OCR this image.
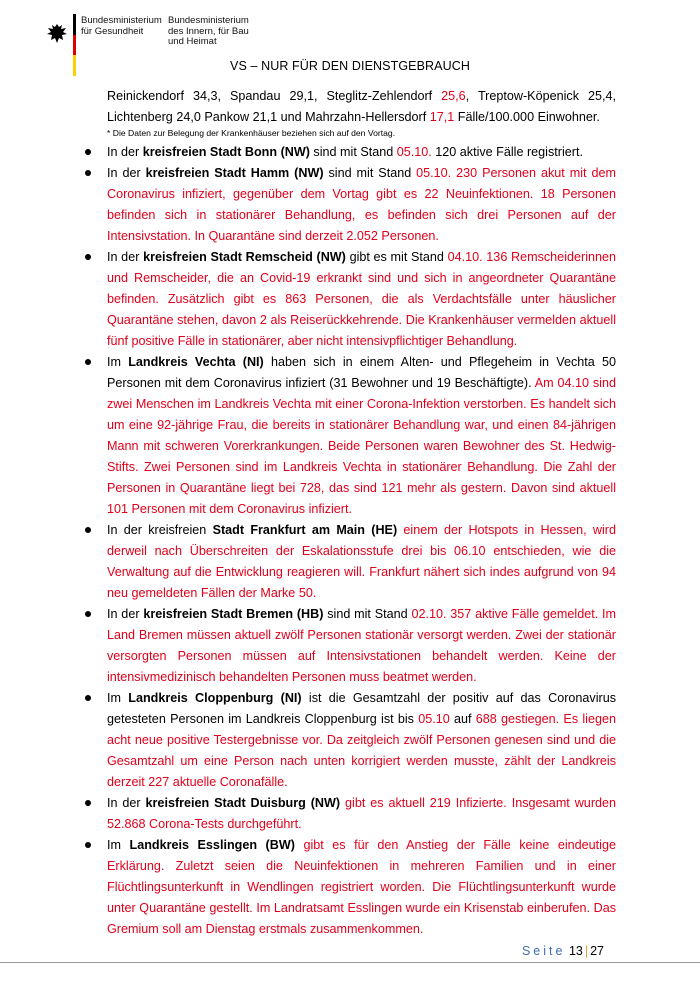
Bundesministerium
für Gesundheit
Bundesministerium
des Innern, für Bau
und Heimat
VS – NUR FÜR DEN DIENSTGEBRAUCH

Reinickendorf 34,3, Spandau 29,1, Steglitz-Zehlendorf 25,6, Treptow-Köpenick 25,4, Lichtenberg 24,0 Pankow 21,1 und Mahrzahn-Hellersdorf 17,1 Fälle/100.000 Einwohner.

* Die Daten zur Belegung der Krankenhäuser beziehen sich auf den Vortag.

In der kreisfreien Stadt Bonn (NW) sind mit Stand 05.10. 120 aktive Fälle registriert.
In der kreisfreien Stadt Hamm (NW) sind mit Stand 05.10. 230 Personen akut mit dem Coronavirus infiziert, gegenüber dem Vortag gibt es 22 Neuinfektionen. 18 Personen befinden sich in stationärer Behandlung, es befinden sich drei Personen auf der Intensivstation. In Quarantäne sind derzeit 2.052 Personen.
In der kreisfreien Stadt Remscheid (NW) gibt es mit Stand 04.10. 136 Remscheiderinnen und Remscheider, die an Covid-19 erkrankt sind und sich in angeordneter Quarantäne befinden. Zusätzlich gibt es 863 Personen, die als Verdachtsfälle unter häuslicher Quarantäne stehen, davon 2 als Reiserückkehrende. Die Krankenhäuser vermelden aktuell fünf positive Fälle in stationärer, aber nicht intensivpflichtiger Behandlung.
Im Landkreis Vechta (NI) haben sich in einem Alten- und Pflegeheim in Vechta 50 Personen mit dem Coronavirus infiziert (31 Bewohner und 19 Beschäftigte). Am 04.10 sind zwei Menschen im Landkreis Vechta mit einer Corona-Infektion verstorben. Es handelt sich um eine 92-jährige Frau, die bereits in stationärer Behandlung war, und einen 84-jährigen Mann mit schweren Vorerkrankungen. Beide Personen waren Bewohner des St. Hedwig-Stifts. Zwei Personen sind im Landkreis Vechta in stationärer Behandlung. Die Zahl der Personen in Quarantäne liegt bei 728, das sind 121 mehr als gestern. Davon sind aktuell 101 Personen mit dem Coronavirus infiziert.
In der kreisfreien Stadt Frankfurt am Main (HE) einem der Hotspots in Hessen, wird derweil nach Überschreiten der Eskalationsstufe drei bis 06.10 entschieden, wie die Verwaltung auf die Entwicklung reagieren will. Frankfurt nähert sich indes aufgrund von 94 neu gemeldeten Fällen der Marke 50.
In der kreisfreien Stadt Bremen (HB) sind mit Stand 02.10. 357 aktive Fälle gemeldet. Im Land Bremen müssen aktuell zwölf Personen stationär versorgt werden. Zwei der stationär versorgten Personen müssen auf Intensivstationen behandelt werden. Keine der intensivmedizinisch behandelten Personen muss beatmet werden.
Im Landkreis Cloppenburg (NI) ist die Gesamtzahl der positiv auf das Coronavirus getesteten Personen im Landkreis Cloppenburg ist bis 05.10 auf 688 gestiegen. Es liegen acht neue positive Testergebnisse vor. Da zeitgleich zwölf Personen genesen sind und die Gesamtzahl um eine Person nach unten korrigiert werden musste, zählt der Landkreis derzeit 227 aktuelle Coronafälle.
In der kreisfreien Stadt Duisburg (NW) gibt es aktuell 219 Infizierte. Insgesamt wurden 52.868 Corona-Tests durchgeführt.
Im Landkreis Esslingen (BW) gibt es für den Anstieg der Fälle keine eindeutige Erklärung. Zuletzt seien die Neuinfektionen in mehreren Familien und in einer Flüchtlingsunterkunft in Wendlingen registriert worden. Die Flüchtlingsunterkunft wurde unter Quarantäne gestellt. Im Landratsamt Esslingen wurde ein Krisenstab einberufen. Das Gremium soll am Dienstag erstmals zusammenkommen.
Seite 13 | 27
